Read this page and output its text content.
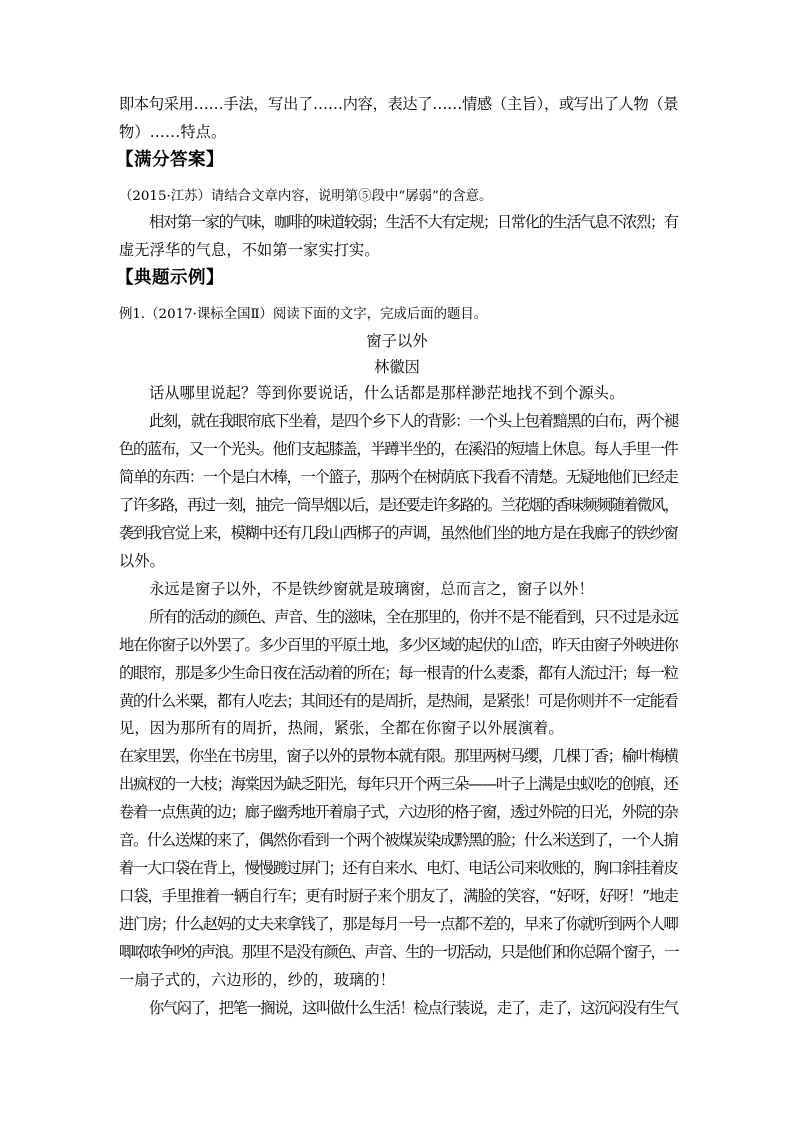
即本句采用……手法，写出了……内容，表达了……情感（主旨），或写出了人物（景
物）……特点。
【满分答案】
（2015·江苏）请结合文章内容，说明第⑤段中“孱弱”的含意。
相对第一家的气味，咖啡的味道较弱；生活不大有定规；日常化的生活气息不浓烈；有
虚无浮华的气息，不如第一家实打实。
【典题示例】
例1.（2017·课标全国Ⅱ）阅读下面的文字，完成后面的题目。
窗子以外
林徽因
话从哪里说起？等到你要说话，什么话都是那样渺茫地找不到个源头。
此刻，就在我眼帘底下坐着，是四个乡下人的背影：一个头上包着黯黑的白布，两个褪
色的蓝布，又一个光头。他们支起膝盖，半蹲半坐的，在溪沿的短墙上休息。每人手里一件
简单的东西：一个是白木棒，一个篮子，那两个在树荫底下我看不清楚。无疑地他们已经走
了许多路，再过一刻，抽完一筒旱烟以后，是还要走许多路的。兰花烟的香味频频随着微风，
袭到我官觉上来，模糊中还有几段山西梆子的声调，虽然他们坐的地方是在我廊子的铁纱窗
以外。
永远是窗子以外，不是铁纱窗就是玻璃窗，总而言之，窗子以外！
所有的活动的颜色、声音、生的滋味，全在那里的，你并不是不能看到，只不过是永远
地在你窗子以外罢了。多少百里的平原土地，多少区域的起伏的山峦，昨天由窗子外映进你
的眼帘，那是多少生命日夜在活动着的所在；每一根青的什么麦黍，都有人流过汗；每一粒
黄的什么米粟，都有人吃去；其间还有的是周折，是热闹，是紧张！可是你则并不一定能看
见，因为那所有的周折，热闹，紧张，全都在你窗子以外展演着。
在家里罢，你坐在书房里，窗子以外的景物本就有限。那里两树马缨，几棵丁香；榆叶梅横
出疯杈的一大枝；海棠因为缺乏阳光，每年只开个两三朵——叶子上满是虫蚁吃的创痕，还
卷着一点焦黄的边；廊子幽秀地开着扇子式，六边形的格子窗，透过外院的日光，外院的杂
音。什么送煤的来了，偶然你看到一个两个被煤炭染成黔黑的脸；什么米送到了，一个人掮
着一大口袋在背上，慢慢踱过屏门；还有自来水、电灯、电话公司来收账的，胸口斜挂着皮
口袋，手里推着一辆自行车；更有时厨子来个朋友了，满脸的笑容，“好呀，好呀！”地走
进门房；什么赵妈的丈夫来拿钱了，那是每月一号一点都不差的，早来了你就听到两个人唧
唧哝哝争吵的声浪。那里不是没有颜色、声音、生的一切活动，只是他们和你总隔个窗子，一
一扇子式的，六边形的，纱的，玻璃的！
你气闷了，把笔一搁说，这叫做什么生活！检点行装说，走了，走了，这沉闷没有生气
